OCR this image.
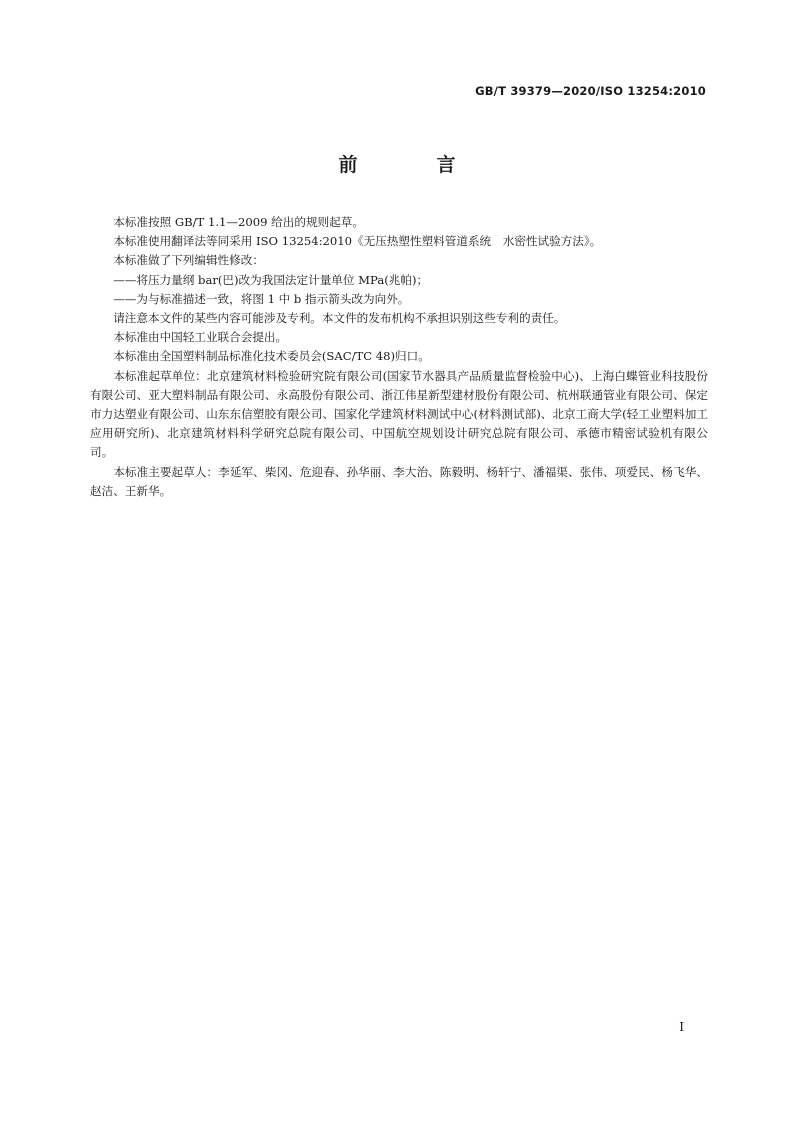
GB/T 39379—2020/ISO 13254:2010
前　言

本标准按照 GB/T 1.1—2009 给出的规则起草。

本标准使用翻译法等同采用 ISO 13254:2010《无压热塑性塑料管道系统　水密性试验方法》。

本标准做了下列编辑性修改：

——将压力量纲 bar(巴)改为我国法定计量单位 MPa(兆帕)；

——为与标准描述一致，将图 1 中 b 指示箭头改为向外。

请注意本文件的某些内容可能涉及专利。本文件的发布机构不承担识别这些专利的责任。

本标准由中国轻工业联合会提出。

本标准由全国塑料制品标准化技术委员会(SAC/TC 48)归口。

本标准起草单位：北京建筑材料检验研究院有限公司(国家节水器具产品质量监督检验中心)、上海白蝶管业科技股份有限公司、亚大塑料制品有限公司、永高股份有限公司、浙江伟星新型建材股份有限公司、杭州联通管业有限公司、保定市力达塑业有限公司、山东东信塑胶有限公司、国家化学建筑材料测试中心(材料测试部)、北京工商大学(轻工业塑料加工应用研究所)、北京建筑材料科学研究总院有限公司、中国航空规划设计研究总院有限公司、承德市精密试验机有限公司。

本标准主要起草人：李延军、柴冈、危迎春、孙华丽、李大治、陈毅明、杨轩宁、潘福渠、张伟、项爱民、杨飞华、赵洁、王新华。

I
